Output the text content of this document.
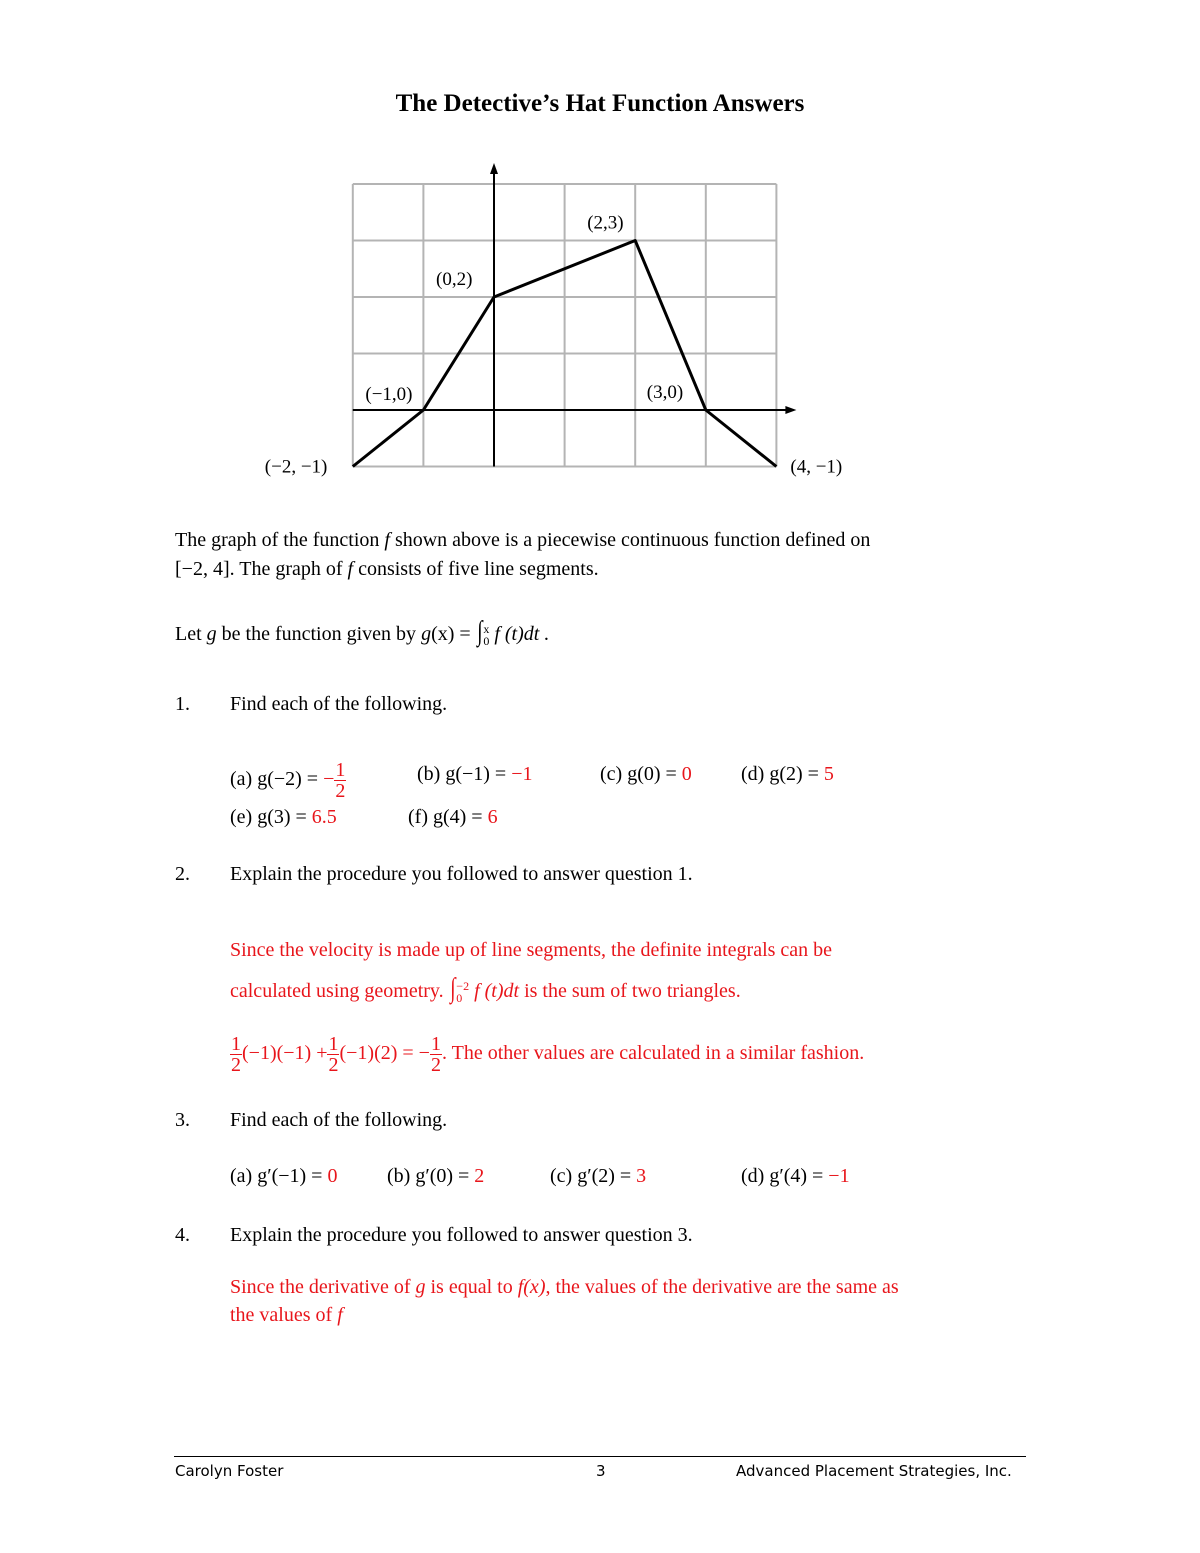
The Detective’s Hat Function Answers
(−2, −1)
(−1,0)
(0,2)
(2,3)
(3,0)
(4, −1)
The graph of the function f shown above is a piecewise continuous function defined on
[−2, 4]. The graph of f consists of five line segments.
Let g be the function given by g(x) = ∫ x
0 f (t)dt .
1. Find each of the following.
(a) g(−2) = − $\frac{1}{2}$	(b) g(−1) = −1	(c) g(0) = 0 (d) g(2) = 5
(e) g(3) = 6.5	(f) g(4) = 6
2. Explain the procedure you followed to answer question 1.
Since the velocity is made up of line segments, the definite integrals can be
calculated using geometry. ∫ −2
0 f (t)dt is the sum of two triangles.
$\frac{1}{2} (-1)(-1) + \frac{1}{2} (-1)(2)$ = − $\frac{1}{2}$ . The other values are calculated in a similar fashion.
3. Find each of the following.
(a) g′(−1) = 0 (b) g′(0) = 2	(c) g′(2) = 3	(d) g′(4) = −1
4. Explain the procedure you followed to answer question 3.
Since the derivative of g is equal to f(x), the values of the derivative are the same as
the values of f
Carolyn Foster	3	Advanced Placement Strategies, Inc.
